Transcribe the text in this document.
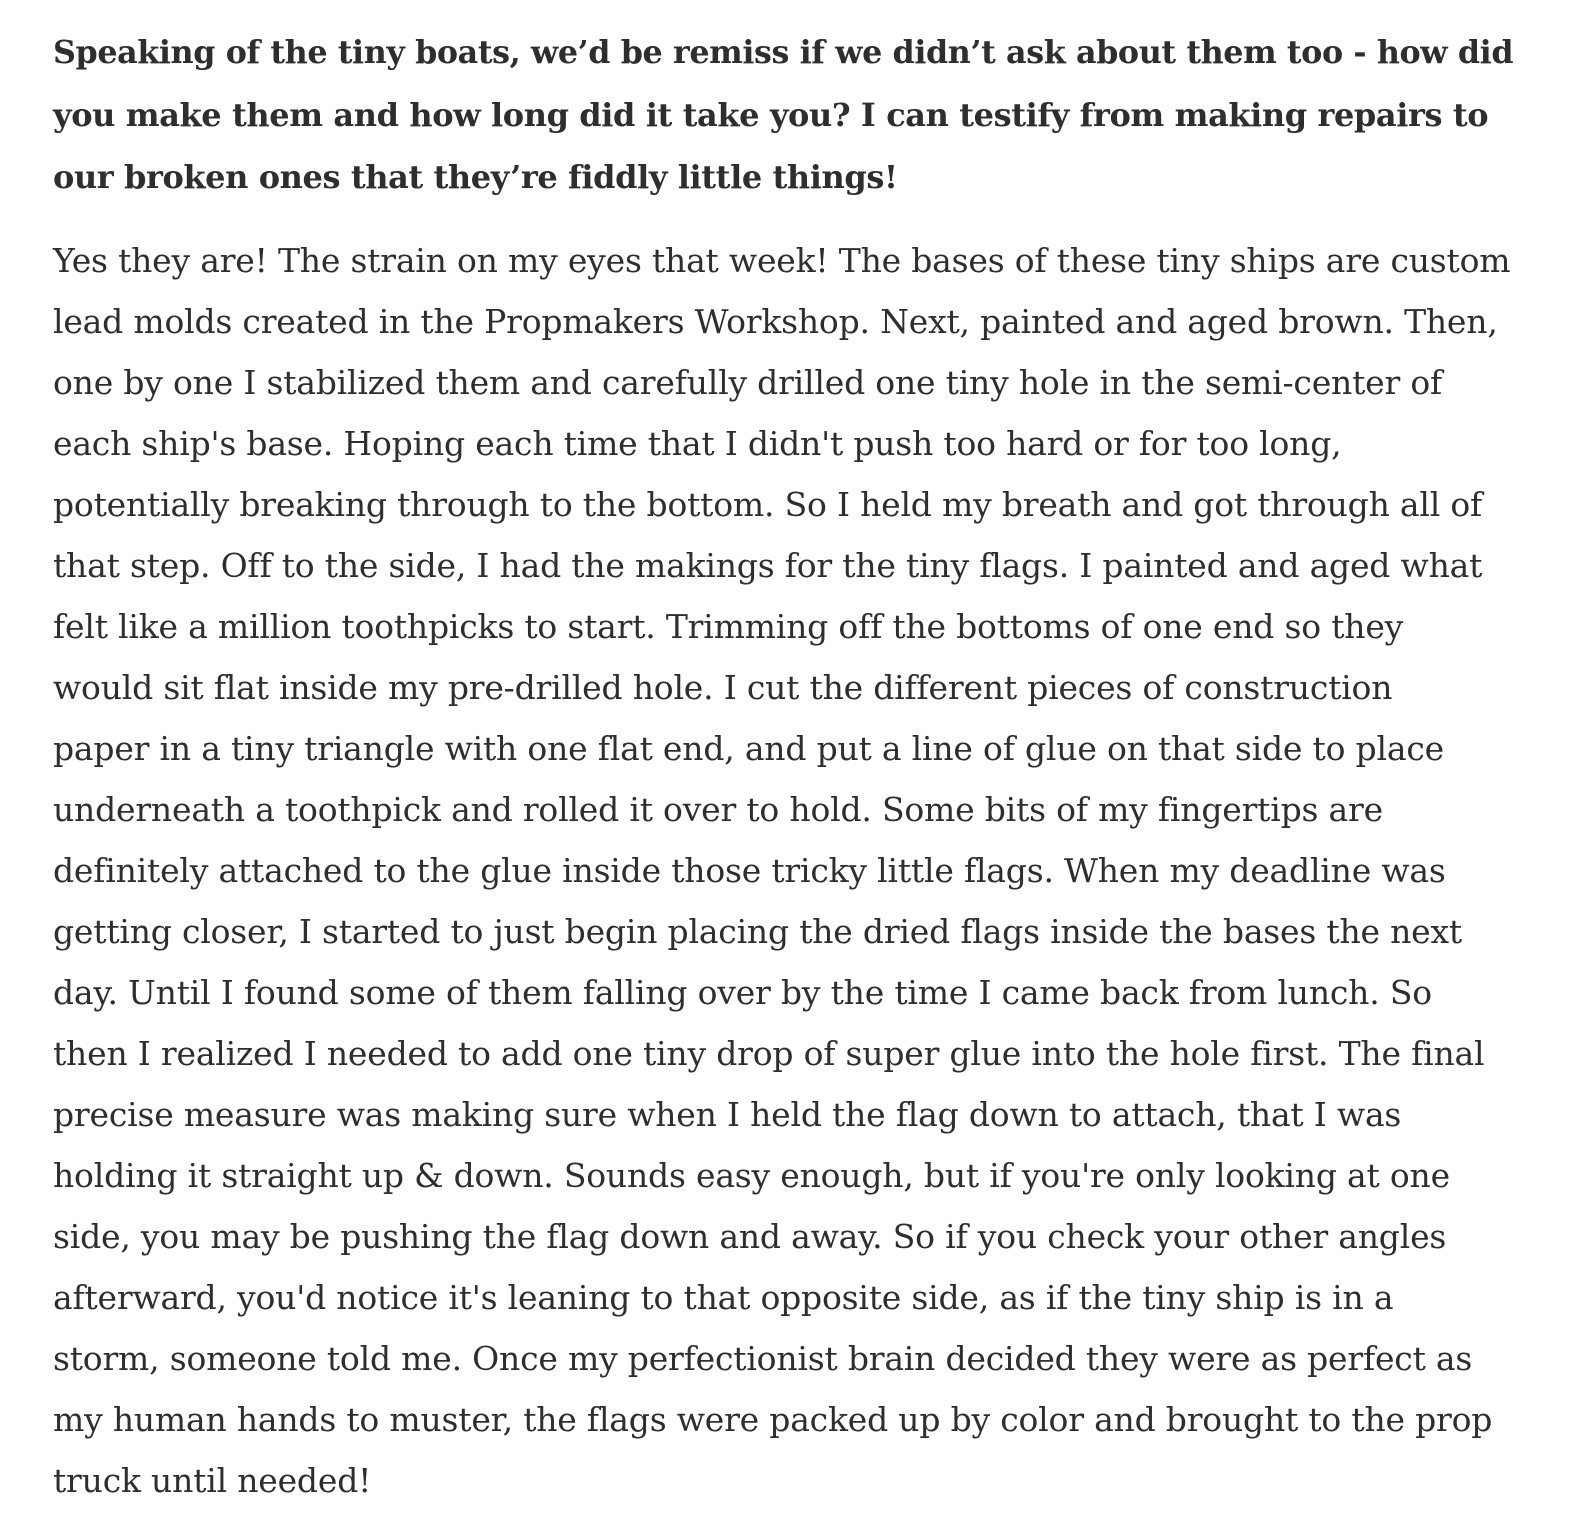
Speaking of the tiny boats, we’d be remiss if we didn’t ask about them too - how did
you make them and how long did it take you? I can testify from making repairs to
our broken ones that they’re fiddly little things!

Yes they are! The strain on my eyes that week! The bases of these tiny ships are custom
lead molds created in the Propmakers Workshop. Next, painted and aged brown. Then,
one by one I stabilized them and carefully drilled one tiny hole in the semi-center of
each ship's base. Hoping each time that I didn't push too hard or for too long,
potentially breaking through to the bottom. So I held my breath and got through all of
that step. Off to the side, I had the makings for the tiny flags. I painted and aged what
felt like a million toothpicks to start. Trimming off the bottoms of one end so they
would sit flat inside my pre-drilled hole. I cut the different pieces of construction
paper in a tiny triangle with one flat end, and put a line of glue on that side to place
underneath a toothpick and rolled it over to hold. Some bits of my fingertips are
definitely attached to the glue inside those tricky little flags. When my deadline was
getting closer, I started to just begin placing the dried flags inside the bases the next
day. Until I found some of them falling over by the time I came back from lunch. So
then I realized I needed to add one tiny drop of super glue into the hole first. The final
precise measure was making sure when I held the flag down to attach, that I was
holding it straight up & down. Sounds easy enough, but if you're only looking at one
side, you may be pushing the flag down and away. So if you check your other angles
afterward, you'd notice it's leaning to that opposite side, as if the tiny ship is in a
storm, someone told me. Once my perfectionist brain decided they were as perfect as
my human hands to muster, the flags were packed up by color and brought to the prop
truck until needed!
